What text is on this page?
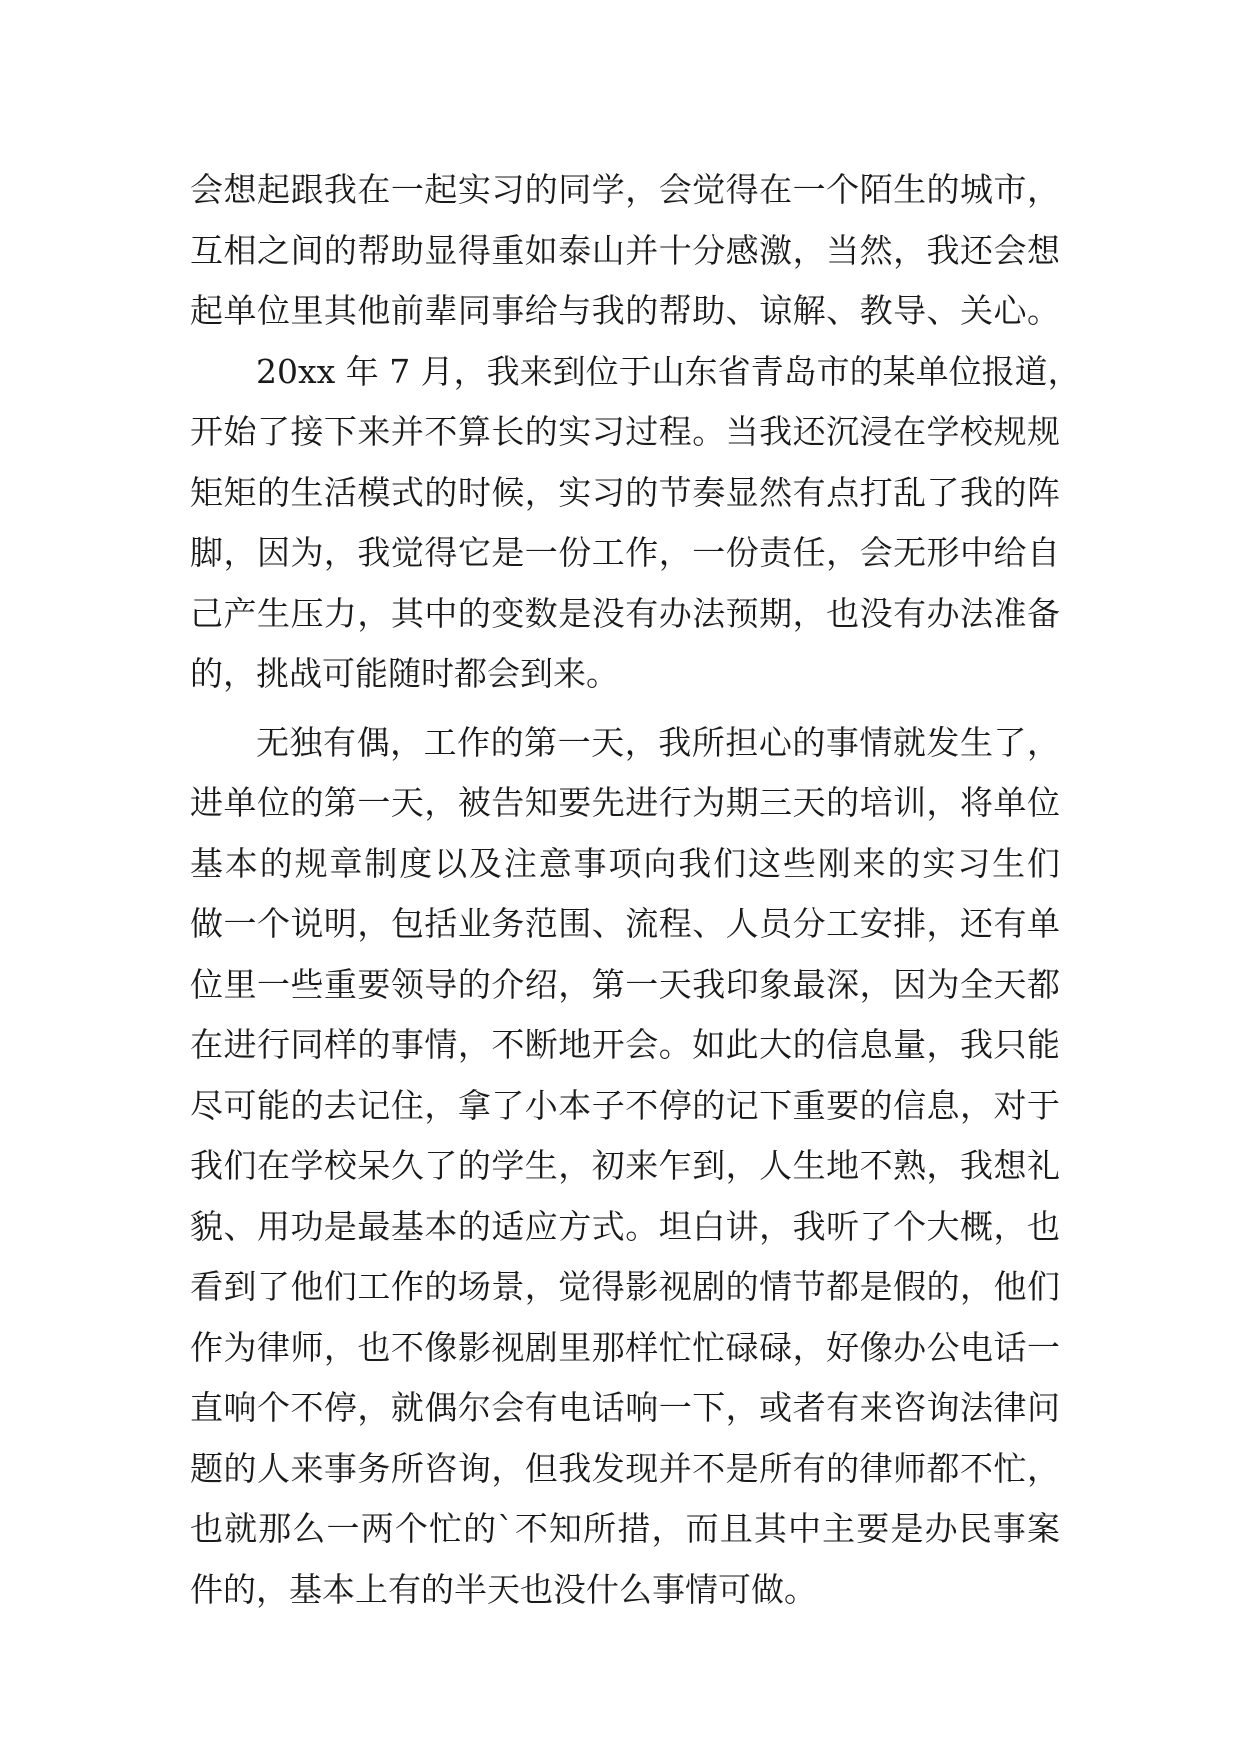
会想起跟我在一起实习的同学，会觉得在一个陌生的城市，
互相之间的帮助显得重如泰山并十分感激，当然，我还会想
起单位里其他前辈同事给与我的帮助、谅解、教导、关心。
20xx 年 7 月，我来到位于山东省青岛市的某单位报道，
开始了接下来并不算长的实习过程。当我还沉浸在学校规规
矩矩的生活模式的时候，实习的节奏显然有点打乱了我的阵
脚，因为，我觉得它是一份工作，一份责任，会无形中给自
己产生压力，其中的变数是没有办法预期，也没有办法准备
的，挑战可能随时都会到来。
无独有偶，工作的第一天，我所担心的事情就发生了，
进单位的第一天，被告知要先进行为期三天的培训，将单位
基本的规章制度以及注意事项向我们这些刚来的实习生们
做一个说明，包括业务范围、流程、人员分工安排，还有单
位里一些重要领导的介绍，第一天我印象最深，因为全天都
在进行同样的事情，不断地开会。如此大的信息量，我只能
尽可能的去记住，拿了小本子不停的记下重要的信息，对于
我们在学校呆久了的学生，初来乍到，人生地不熟，我想礼
貌、用功是最基本的适应方式。坦白讲，我听了个大概，也
看到了他们工作的场景，觉得影视剧的情节都是假的，他们
作为律师，也不像影视剧里那样忙忙碌碌，好像办公电话一
直响个不停，就偶尔会有电话响一下，或者有来咨询法律问
题的人来事务所咨询，但我发现并不是所有的律师都不忙，
也就那么一两个忙的`不知所措，而且其中主要是办民事案
件的，基本上有的半天也没什么事情可做。
